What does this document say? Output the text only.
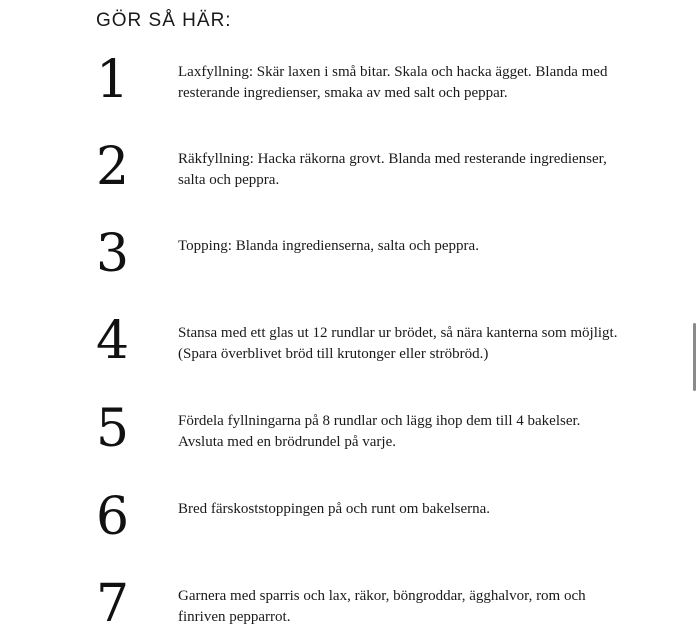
GÖR SÅ HÄR:
1	Laxfyllning: Skär laxen i små bitar. Skala och hacka ägget. Blanda med resterande ingredienser, smaka av med salt och peppar.

2	Räkfyllning: Hacka räkorna grovt. Blanda med resterande ingredienser, salta och peppra.

3	Topping: Blanda ingredienserna, salta och peppra.

4	Stansa med ett glas ut 12 rundlar ur brödet, så nära kanterna som möjligt. (Spara överblivet bröd till krutonger eller ströbröd.)

5	Fördela fyllningarna på 8 rundlar och lägg ihop dem till 4 bakelser. Avsluta med en brödrundel på varje.

6	Bred färskoststoppingen på och runt om bakelserna.

7	Garnera med sparris och lax, räkor, böngroddar, ägghalvor, rom och finriven pepparrot.
